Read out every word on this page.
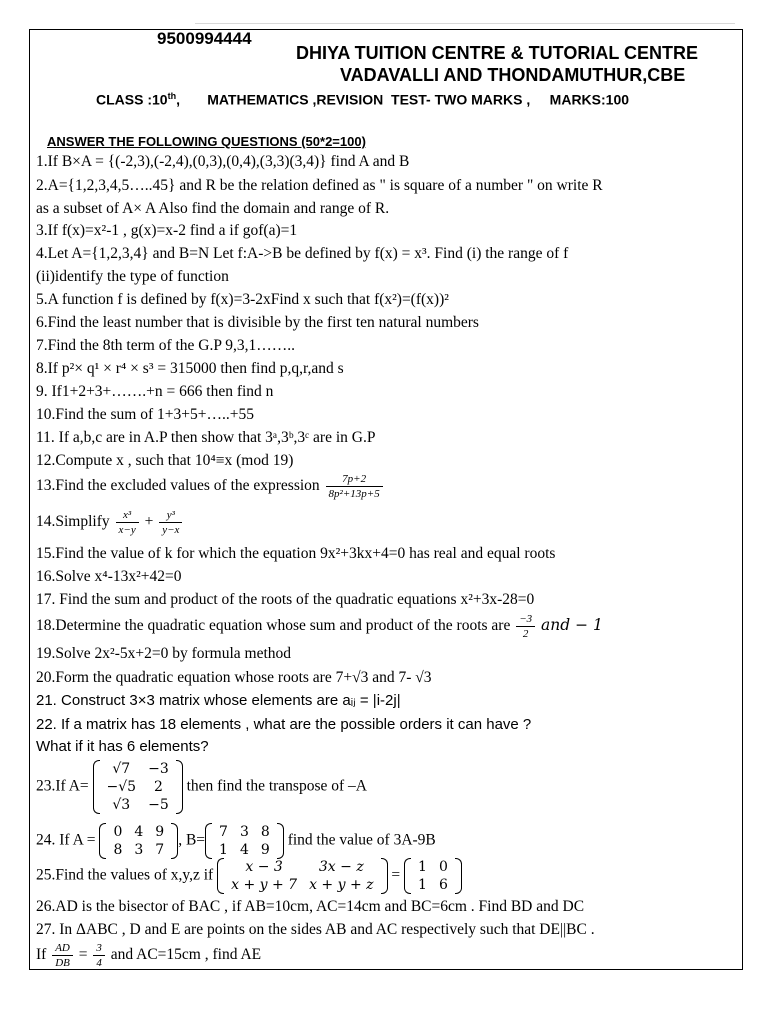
9500994444
DHIYA TUITION CENTRE & TUTORIAL CENTRE
VADAVALLI AND THONDAMUTHUR,CBE
CLASS :10th,       MATHEMATICS ,REVISION  TEST- TWO MARKS ,     MARKS:100
ANSWER THE FOLLOWING QUESTIONS (50*2=100)
1.If B×A = {(-2,3),(-2,4),(0,3),(0,4),(3,3)(3,4)} find A and B
2.A={1,2,3,4,5…..45} and R be the relation defined as " is square of a number " on write R
as a subset of A× A Also find the domain and range of R.
3.If f(x)=x²-1 , g(x)=x-2 find a if gof(a)=1
4.Let A={1,2,3,4} and B=N Let f:A->B be defined by f(x) = x³. Find (i) the range of f
(ii)identify the type of function
5.A function f is defined by f(x)=3-2xFind x such that f(x²)=(f(x))²
6.Find the least number that is divisible by the first ten natural numbers
7.Find the 8th term of the G.P 9,3,1……..
8.If p²× q¹ × r⁴ × s³ = 315000 then find p,q,r,and s
9. If1+2+3+…….+n = 666 then find n
10.Find the sum of 1+3+5+…..+55
11. If a,b,c are in A.P then show that 3ᵃ,3ᵇ,3ᶜ are in G.P
12.Compute x , such that 10⁴≡x (mod 19)
13.Find the excluded values of the expression $\frac{7p+2}{\text{8p²+13p+5}}$
14.Simplify $\frac{\text{x³}}{x-y} + \frac{\text{y³}}{y-x}$
15.Find the value of k for which the equation 9x²+3kx+4=0 has real and equal roots
16.Solve x⁴-13x²+42=0
17. Find the sum and product of the roots of the quadratic equations x²+3x-28=0
18.Determine the quadratic equation whose sum and product of the roots are $\frac{-3}{2}$ and − 1
19.Solve 2x²-5x+2=0 by formula method
20.Form the quadratic equation whose roots are 7+√3 and 7- √3
21. Construct 3×3 matrix whose elements are aᵢⱼ = |i-2j|
22. If a matrix has 18 elements , what are the possible orders it can have ?
What if it has 6 elements?
23.If A=
√7	−3
−√5	2
√3	−5
then find the transpose of –A
24. If A = 0	4	9
8	3	7
, B= 7	3	8
1	4	9
find the value of 3A-9B
25.Find the values of x,y,z if x − 3	3x − z
x + y + 7	x + y + z
= 1	0
1	6
26.AD is the bisector of BAC , if AB=10cm, AC=14cm and BC=6cm . Find BD and DC
27. In ΔABC , D and E are points on the sides AB and AC respectively such that DE||BC .
If $\frac{AD}{DB} = \frac{3}{4}$ and AC=15cm , find AE
